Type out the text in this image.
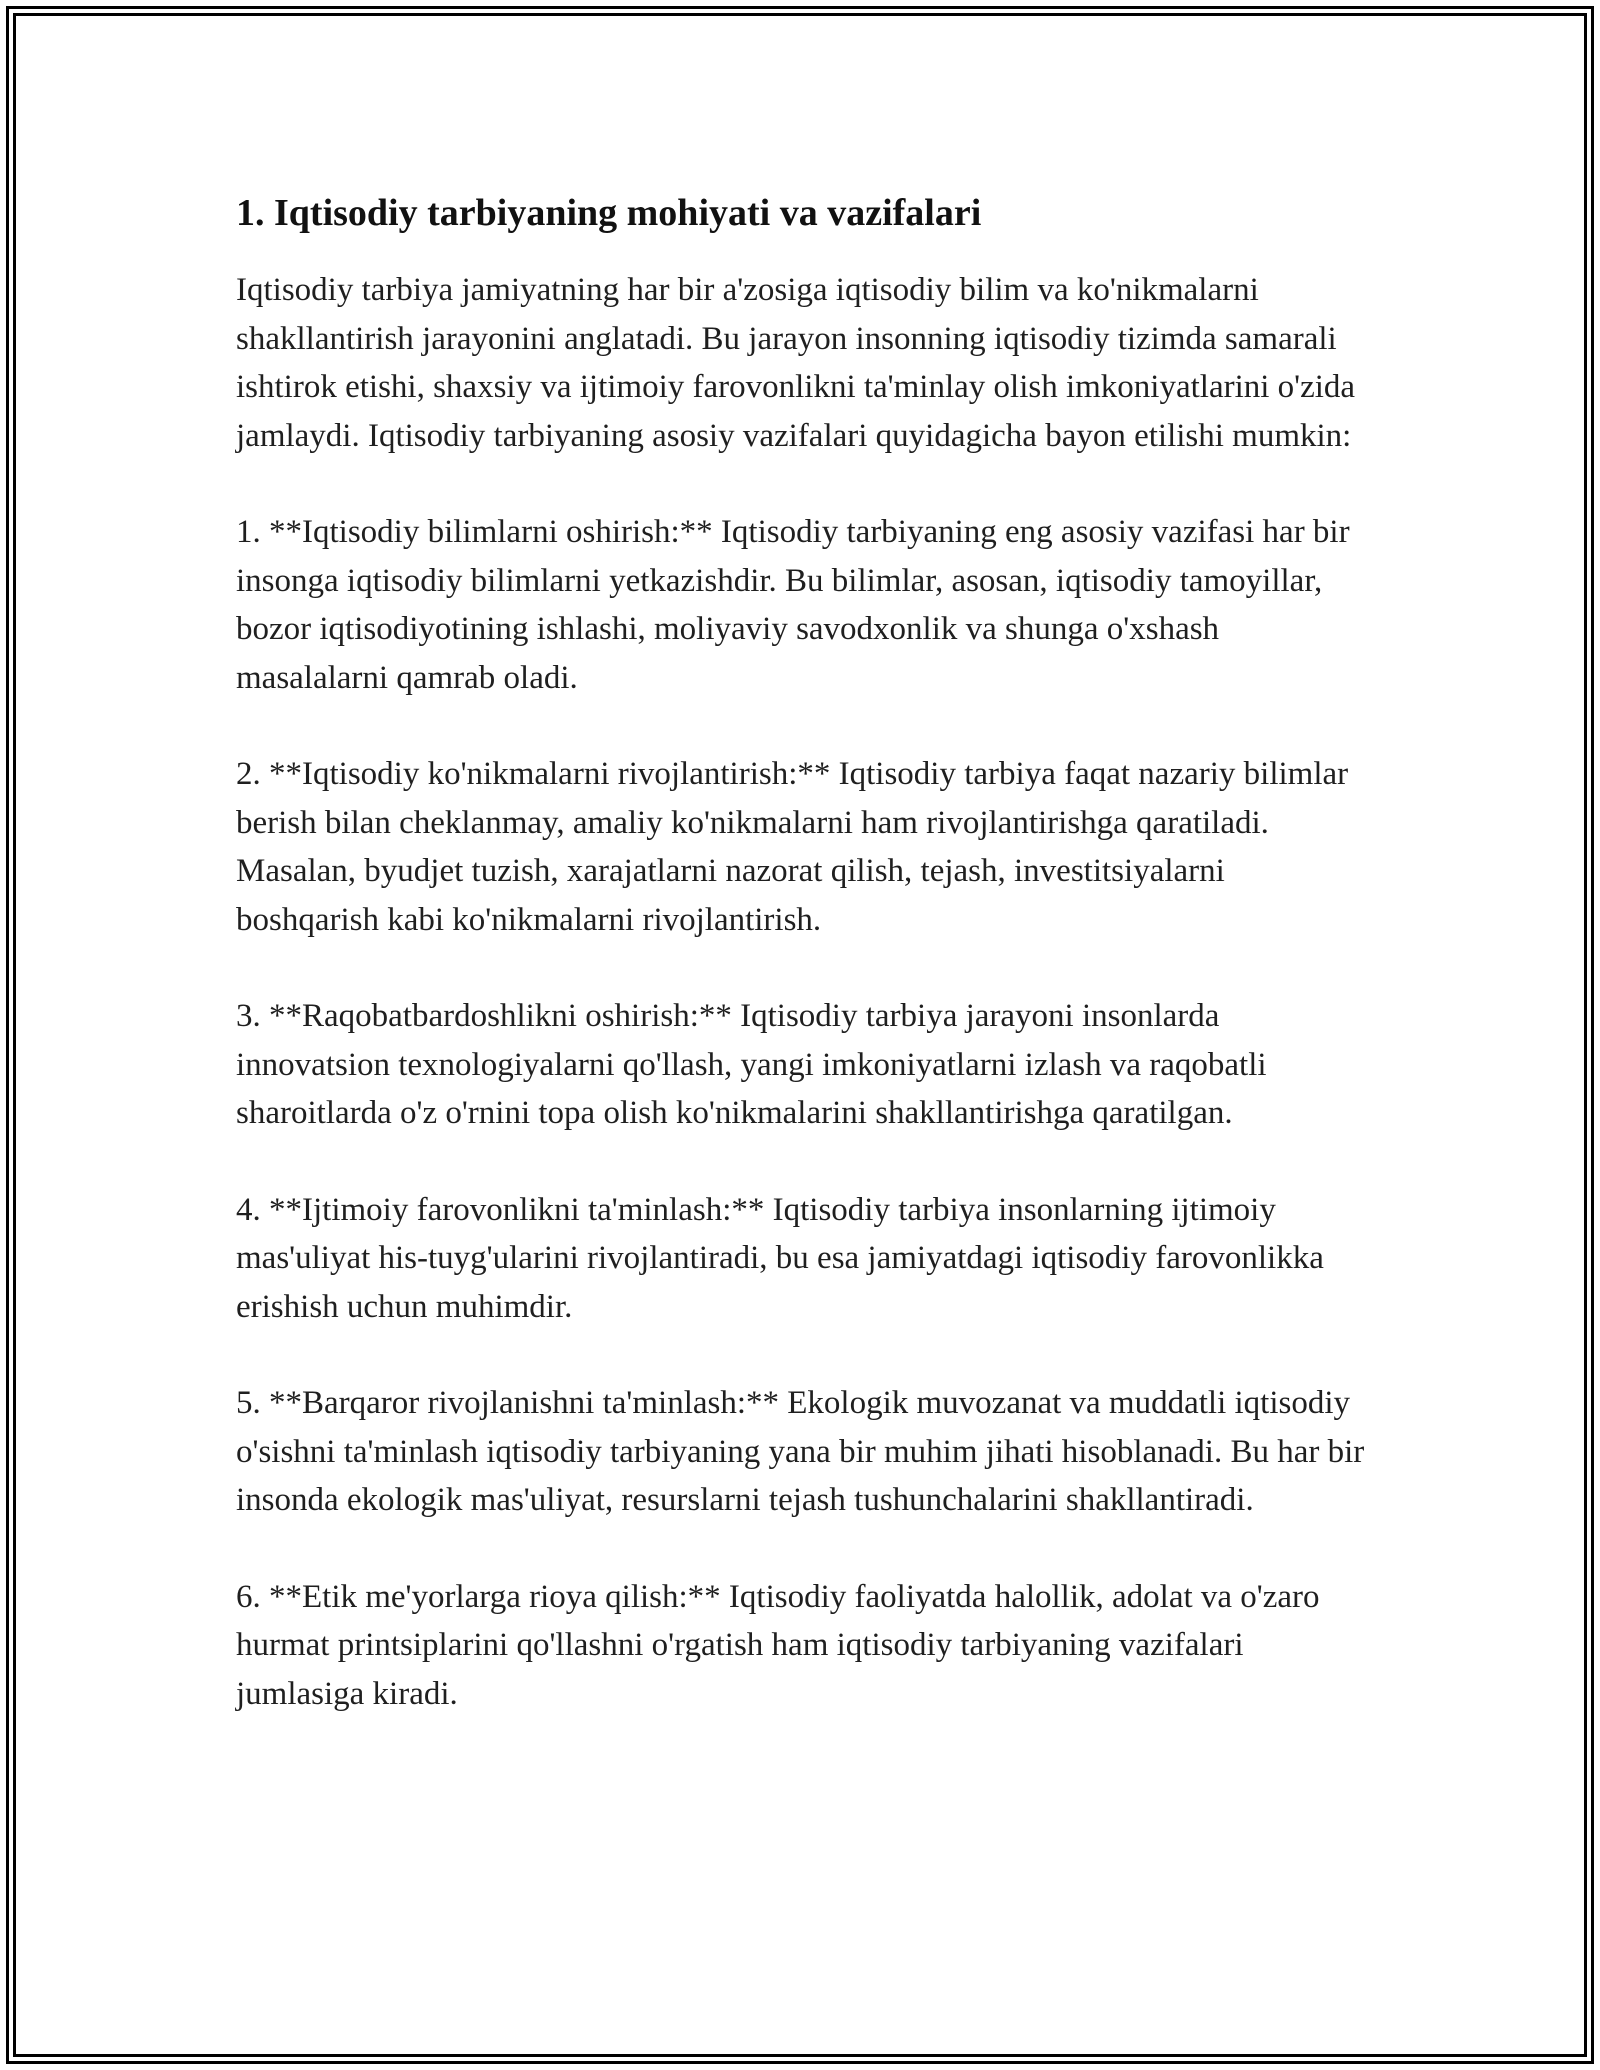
1. Iqtisodiy tarbiyaning mohiyati va vazifalari

Iqtisodiy tarbiya jamiyatning har bir a'zosiga iqtisodiy bilim va ko'nikmalarni shakllantirish jarayonini anglatadi. Bu jarayon insonning iqtisodiy tizimda samarali ishtirok etishi, shaxsiy va ijtimoiy farovonlikni ta'minlay olish imkoniyatlarini o'zida jamlaydi. Iqtisodiy tarbiyaning asosiy vazifalari quyidagicha bayon etilishi mumkin:

1. **Iqtisodiy bilimlarni oshirish:** Iqtisodiy tarbiyaning eng asosiy vazifasi har bir insonga iqtisodiy bilimlarni yetkazishdir. Bu bilimlar, asosan, iqtisodiy tamoyillar, bozor iqtisodiyotining ishlashi, moliyaviy savodxonlik va shunga o'xshash masalalarni qamrab oladi.

2. **Iqtisodiy ko'nikmalarni rivojlantirish:** Iqtisodiy tarbiya faqat nazariy bilimlar berish bilan cheklanmay, amaliy ko'nikmalarni ham rivojlantirishga qaratiladi. Masalan, byudjet tuzish, xarajatlarni nazorat qilish, tejash, investitsiyalarni boshqarish kabi ko'nikmalarni rivojlantirish.

3. **Raqobatbardoshlikni oshirish:** Iqtisodiy tarbiya jarayoni insonlarda innovatsion texnologiyalarni qo'llash, yangi imkoniyatlarni izlash va raqobatli sharoitlarda o'z o'rnini topa olish ko'nikmalarini shakllantirishga qaratilgan.

4. **Ijtimoiy farovonlikni ta'minlash:** Iqtisodiy tarbiya insonlarning ijtimoiy mas'uliyat his-tuyg'ularini rivojlantiradi, bu esa jamiyatdagi iqtisodiy farovonlikka erishish uchun muhimdir.

5. **Barqaror rivojlanishni ta'minlash:** Ekologik muvozanat va muddatli iqtisodiy o'sishni ta'minlash iqtisodiy tarbiyaning yana bir muhim jihati hisoblanadi. Bu har bir insonda ekologik mas'uliyat, resurslarni tejash tushunchalarini shakllantiradi.

6. **Etik me'yorlarga rioya qilish:** Iqtisodiy faoliyatda halollik, adolat va o'zaro hurmat printsiplarini qo'llashni o'rgatish ham iqtisodiy tarbiyaning vazifalari jumlasiga kiradi.
